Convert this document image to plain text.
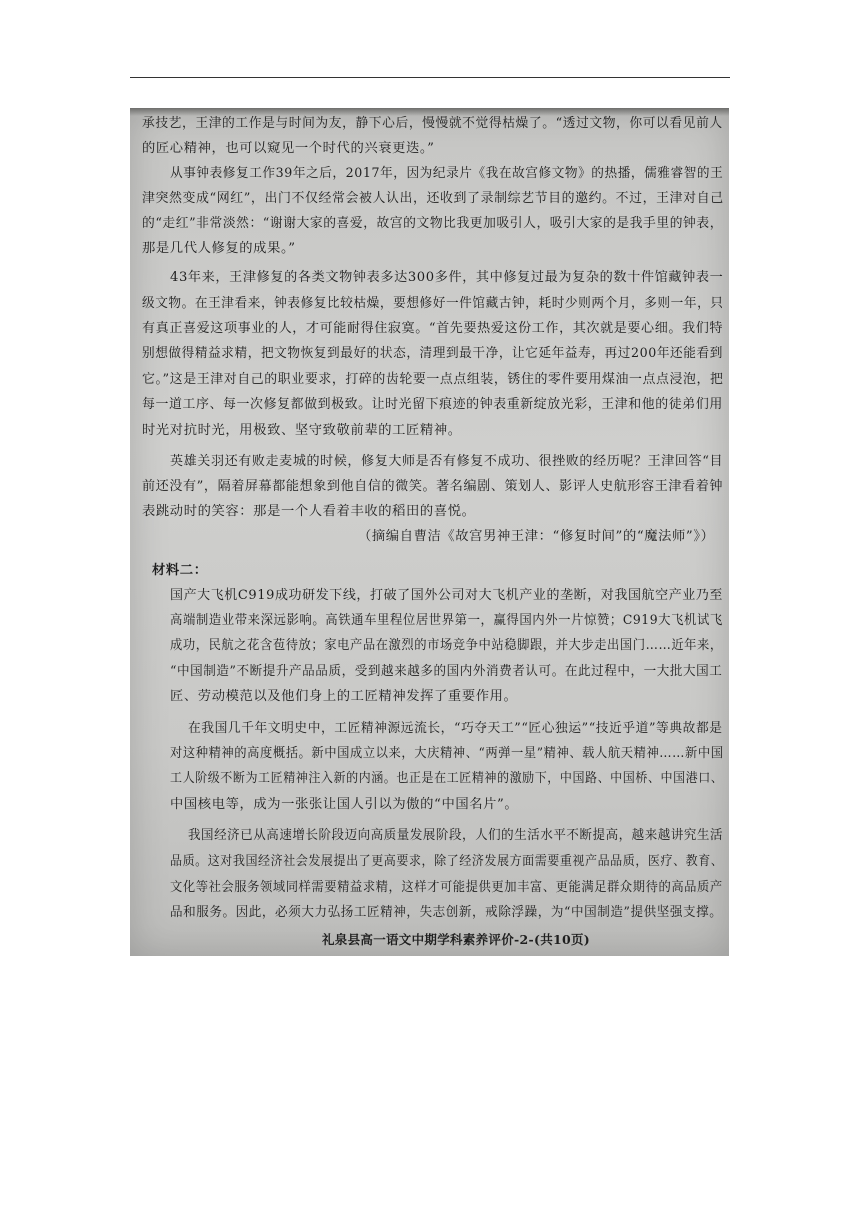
承技艺，王津的工作是与时间为友，静下心后，慢慢就不觉得枯燥了。“透过文物，你可以看见前人
的匠心精神，也可以窥见一个时代的兴衰更迭。”
从事钟表修复工作39年之后，2017年，因为纪录片《我在故宫修文物》的热播，儒雅睿智的王
津突然变成“网红”，出门不仅经常会被人认出，还收到了录制综艺节目的邀约。不过，王津对自己
的“走红”非常淡然：“谢谢大家的喜爱，故宫的文物比我更加吸引人，吸引大家的是我手里的钟表，
那是几代人修复的成果。”
43年来，王津修复的各类文物钟表多达300多件，其中修复过最为复杂的数十件馆藏钟表一
级文物。在王津看来，钟表修复比较枯燥，要想修好一件馆藏古钟，耗时少则两个月，多则一年，只
有真正喜爱这项事业的人，才可能耐得住寂寞。“首先要热爱这份工作，其次就是要心细。我们特
别想做得精益求精，把文物恢复到最好的状态，清理到最干净，让它延年益寿，再过200年还能看到
它。”这是王津对自己的职业要求，打碎的齿轮要一点点组装，锈住的零件要用煤油一点点浸泡，把
每一道工序、每一次修复都做到极致。让时光留下痕迹的钟表重新绽放光彩，王津和他的徒弟们用
时光对抗时光，用极致、坚守致敬前辈的工匠精神。
英雄关羽还有败走麦城的时候，修复大师是否有修复不成功、很挫败的经历呢？王津回答“目
前还没有”，隔着屏幕都能想象到他自信的微笑。著名编剧、策划人、影评人史航形容王津看着钟
表跳动时的笑容：那是一个人看着丰收的稻田的喜悦。
（摘编自曹洁《故宫男神王津：“修复时间”的“魔法师”》）
材料二：
国产大飞机C919成功研发下线，打破了国外公司对大飞机产业的垄断，对我国航空产业乃至
高端制造业带来深远影响。高铁通车里程位居世界第一，赢得国内外一片惊赞；C919大飞机试飞
成功，民航之花含苞待放；家电产品在激烈的市场竞争中站稳脚跟，并大步走出国门……近年来，
“中国制造”不断提升产品品质，受到越来越多的国内外消费者认可。在此过程中，一大批大国工
匠、劳动模范以及他们身上的工匠精神发挥了重要作用。
在我国几千年文明史中，工匠精神源远流长，“巧夺天工”“匠心独运”“技近乎道”等典故都是
对这种精神的高度概括。新中国成立以来，大庆精神、“两弹一星”精神、载人航天精神……新中国
工人阶级不断为工匠精神注入新的内涵。也正是在工匠精神的激励下，中国路、中国桥、中国港口、
中国核电等，成为一张张让国人引以为傲的“中国名片”。
我国经济已从高速增长阶段迈向高质量发展阶段，人们的生活水平不断提高，越来越讲究生活
品质。这对我国经济社会发展提出了更高要求，除了经济发展方面需要重视产品品质，医疗、教育、
文化等社会服务领域同样需要精益求精，这样才可能提供更加丰富、更能满足群众期待的高品质产
品和服务。因此，必须大力弘扬工匠精神，失志创新，戒除浮躁，为“中国制造”提供坚强支撑。
礼泉县高一语文中期学科素养评价-2-(共10页)
